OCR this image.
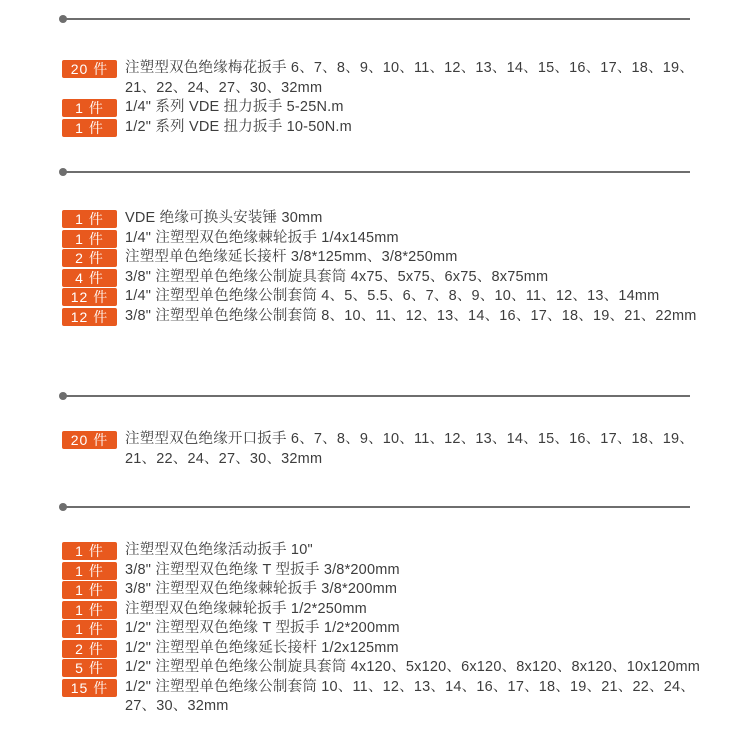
20 件	注塑型双色绝缘梅花扳手 6、7、8、9、10、11、12、13、14、15、16、17、18、19、21、22、24、27、30、32mm
1 件	1/4" 系列 VDE 扭力扳手 5-25N.m
1 件	1/2" 系列 VDE 扭力扳手 10-50N.m
1 件	VDE 绝缘可换头安装锤 30mm
1 件	1/4" 注塑型双色绝缘棘轮扳手 1/4x145mm
2 件	注塑型单色绝缘延长接杆 3/8*125mm、3/8*250mm
4 件	3/8" 注塑型单色绝缘公制旋具套筒 4x75、5x75、6x75、8x75mm
12 件	1/4" 注塑型单色绝缘公制套筒 4、5、5.5、6、7、8、9、10、11、12、13、14mm
12 件	3/8" 注塑型单色绝缘公制套筒 8、10、11、12、13、14、16、17、18、19、21、22mm
20 件	注塑型双色绝缘开口扳手 6、7、8、9、10、11、12、13、14、15、16、17、18、19、21、22、24、27、30、32mm
1 件	注塑型双色绝缘活动扳手 10"
1 件	3/8" 注塑型双色绝缘 T 型扳手 3/8*200mm
1 件	3/8" 注塑型双色绝缘棘轮扳手 3/8*200mm
1 件	注塑型双色绝缘棘轮扳手 1/2*250mm
1 件	1/2" 注塑型双色绝缘 T 型扳手 1/2*200mm
2 件	1/2" 注塑型单色绝缘延长接杆 1/2x125mm
5 件	1/2" 注塑型单色绝缘公制旋具套筒 4x120、5x120、6x120、8x120、8x120、10x120mm
15 件	1/2" 注塑型单色绝缘公制套筒 10、11、12、13、14、16、17、18、19、21、22、24、27、30、32mm
